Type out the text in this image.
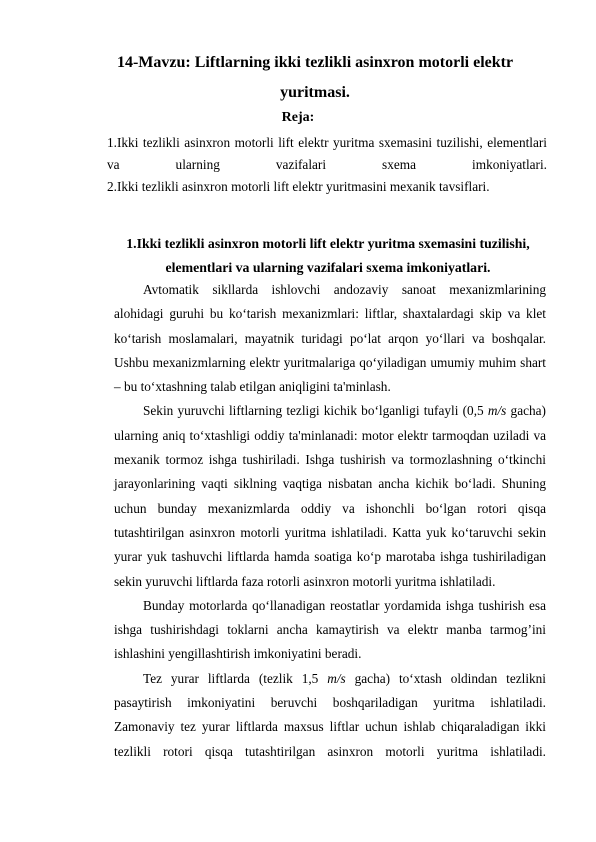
14-Mavzu: Liftlarning ikki tezlikli asinxron motorli elektr yuritmasi.
Reja:

1.Ikki tezlikli asinxron motorli lift elektr yuritma sxemasini tuzilishi, elementlari va ularning vazifalari sxema imkoniyatlari.

2.Ikki tezlikli asinxron motorli lift elektr yuritmasini mexanik tavsiflari.

1.Ikki tezlikli asinxron motorli lift elektr yuritma sxemasini tuzilishi, elementlari va ularning vazifalari sxema imkoniyatlari.

Avtomatik sikllarda ishlovchi andozaviy sanoat mexanizmlarining alohidagi guruhi bu ko‘tarish mexanizmlari: liftlar, shaxtalardagi skip va klet ko‘tarish moslamalari, mayatnik turidagi po‘lat arqon yo‘llari va boshqalar. Ushbu mexanizmlarning elektr yuritmalariga qo‘yiladigan umumiy muhim shart – bu to‘xtashning talab etilgan aniqligini ta'minlash.

Sekin yuruvchi liftlarning tezligi kichik bo‘lganligi tufayli (0,5 m/s gacha) ularning aniq to‘xtashligi oddiy ta'minlanadi: motor elektr tarmoqdan uziladi va mexanik tormoz ishga tushiriladi. Ishga tushirish va tormozlashning o‘tkinchi jarayonlarining vaqti siklning vaqtiga nisbatan ancha kichik bo‘ladi. Shuning uchun bunday mexanizmlarda oddiy va ishonchli bo‘lgan rotori qisqa tutashtirilgan asinxron motorli yuritma ishlatiladi. Katta yuk ko‘taruvchi sekin yurar yuk tashuvchi liftlarda hamda soatiga ko‘p marotaba ishga tushiriladigan sekin yuruvchi liftlarda faza rotorli asinxron motorli yuritma ishlatiladi.

Bunday motorlarda qo‘llanadigan reostatlar yordamida ishga tushirish esa ishga tushirishdagi toklarni ancha kamaytirish va elektr manba tarmog’ini ishlashini yengillashtirish imkoniyatini beradi.

Tez yurar liftlarda (tezlik 1,5 m/s gacha) to‘xtash oldindan tezlikni pasaytirish imkoniyatini beruvchi boshqariladigan yuritma ishlatiladi. Zamonaviy tez yurar liftlarda maxsus liftlar uchun ishlab chiqaraladigan ikki tezlikli rotori qisqa tutashtirilgan asinxron motorli yuritma ishlatiladi.
